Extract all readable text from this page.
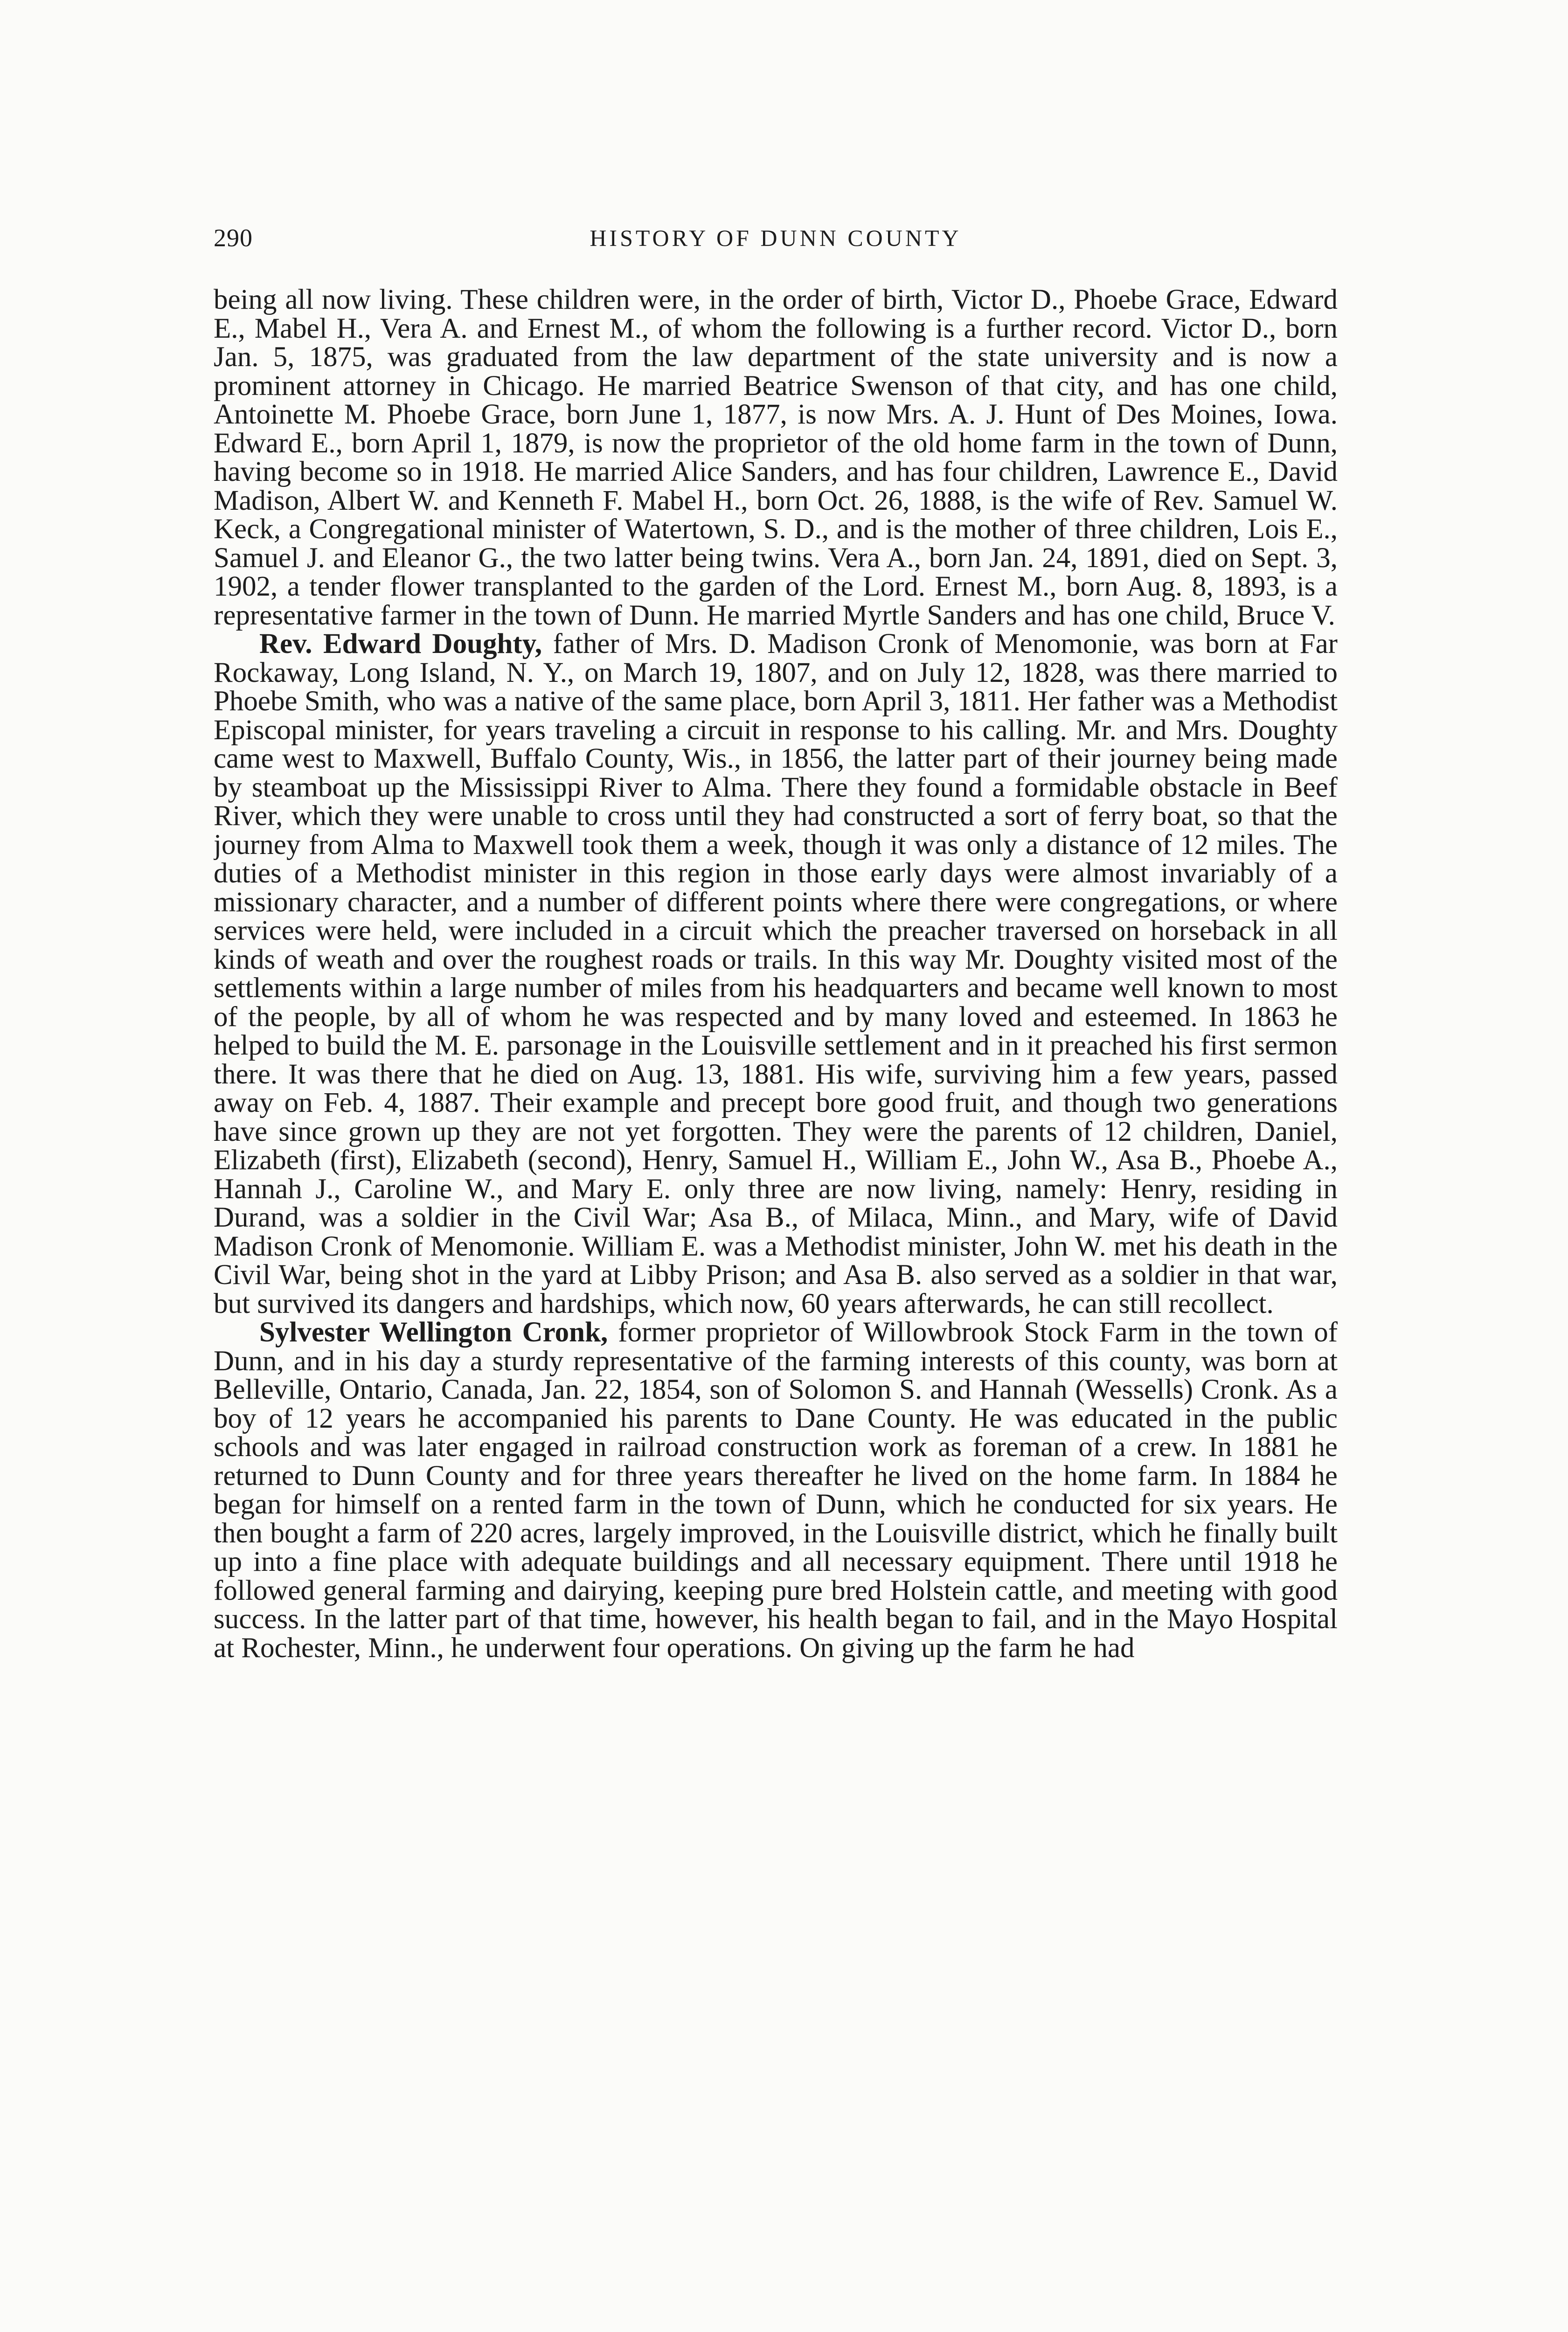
290	HISTORY OF DUNN COUNTY

being all now living. These children were, in the order of birth, Victor D., Phoebe Grace, Edward E., Mabel H., Vera A. and Ernest M., of whom the following is a further record. Victor D., born Jan. 5, 1875, was graduated from the law department of the state university and is now a prominent attorney in Chicago. He married Beatrice Swenson of that city, and has one child, Antoinette M. Phoebe Grace, born June 1, 1877, is now Mrs. A. J. Hunt of Des Moines, Iowa. Edward E., born April 1, 1879, is now the proprietor of the old home farm in the town of Dunn, having become so in 1918. He married Alice Sanders, and has four children, Lawrence E., David Madison, Albert W. and Kenneth F. Mabel H., born Oct. 26, 1888, is the wife of Rev. Samuel W. Keck, a Congregational minister of Watertown, S. D., and is the mother of three children, Lois E., Samuel J. and Eleanor G., the two latter being twins. Vera A., born Jan. 24, 1891, died on Sept. 3, 1902, a tender flower transplanted to the garden of the Lord. Ernest M., born Aug. 8, 1893, is a representative farmer in the town of Dunn. He married Myrtle Sanders and has one child, Bruce V.

Rev. Edward Doughty, father of Mrs. D. Madison Cronk of Menomonie, was born at Far Rockaway, Long Island, N. Y., on March 19, 1807, and on July 12, 1828, was there married to Phoebe Smith, who was a native of the same place, born April 3, 1811. Her father was a Methodist Episcopal minister, for years traveling a circuit in response to his calling. Mr. and Mrs. Doughty came west to Maxwell, Buffalo County, Wis., in 1856, the latter part of their journey being made by steamboat up the Mississippi River to Alma. There they found a formidable obstacle in Beef River, which they were unable to cross until they had constructed a sort of ferry boat, so that the journey from Alma to Maxwell took them a week, though it was only a distance of 12 miles. The duties of a Methodist minister in this region in those early days were almost invariably of a missionary character, and a number of different points where there were congregations, or where services were held, were included in a circuit which the preacher traversed on horseback in all kinds of weath and over the roughest roads or trails. In this way Mr. Doughty visited most of the settlements within a large number of miles from his headquarters and became well known to most of the people, by all of whom he was respected and by many loved and esteemed. In 1863 he helped to build the M. E. parsonage in the Louisville settlement and in it preached his first sermon there. It was there that he died on Aug. 13, 1881. His wife, surviving him a few years, passed away on Feb. 4, 1887. Their example and precept bore good fruit, and though two generations have since grown up they are not yet forgotten. They were the parents of 12 children, Daniel, Elizabeth (first), Elizabeth (second), Henry, Samuel H., William E., John W., Asa B., Phoebe A., Hannah J., Caroline W., and Mary E. only three are now living, namely: Henry, residing in Durand, was a soldier in the Civil War; Asa B., of Milaca, Minn., and Mary, wife of David Madison Cronk of Menomonie. William E. was a Methodist minister, John W. met his death in the Civil War, being shot in the yard at Libby Prison; and Asa B. also served as a soldier in that war, but survived its dangers and hardships, which now, 60 years afterwards, he can still recollect.

Sylvester Wellington Cronk, former proprietor of Willowbrook Stock Farm in the town of Dunn, and in his day a sturdy representative of the farming interests of this county, was born at Belleville, Ontario, Canada, Jan. 22, 1854, son of Solomon S. and Hannah (Wessells) Cronk. As a boy of 12 years he accompanied his parents to Dane County. He was educated in the public schools and was later engaged in railroad construction work as foreman of a crew. In 1881 he returned to Dunn County and for three years thereafter he lived on the home farm. In 1884 he began for himself on a rented farm in the town of Dunn, which he conducted for six years. He then bought a farm of 220 acres, largely improved, in the Louisville district, which he finally built up into a fine place with adequate buildings and all necessary equipment. There until 1918 he followed general farming and dairying, keeping pure bred Holstein cattle, and meeting with good success. In the latter part of that time, however, his health began to fail, and in the Mayo Hospital at Rochester, Minn., he underwent four operations. On giving up the farm he had
